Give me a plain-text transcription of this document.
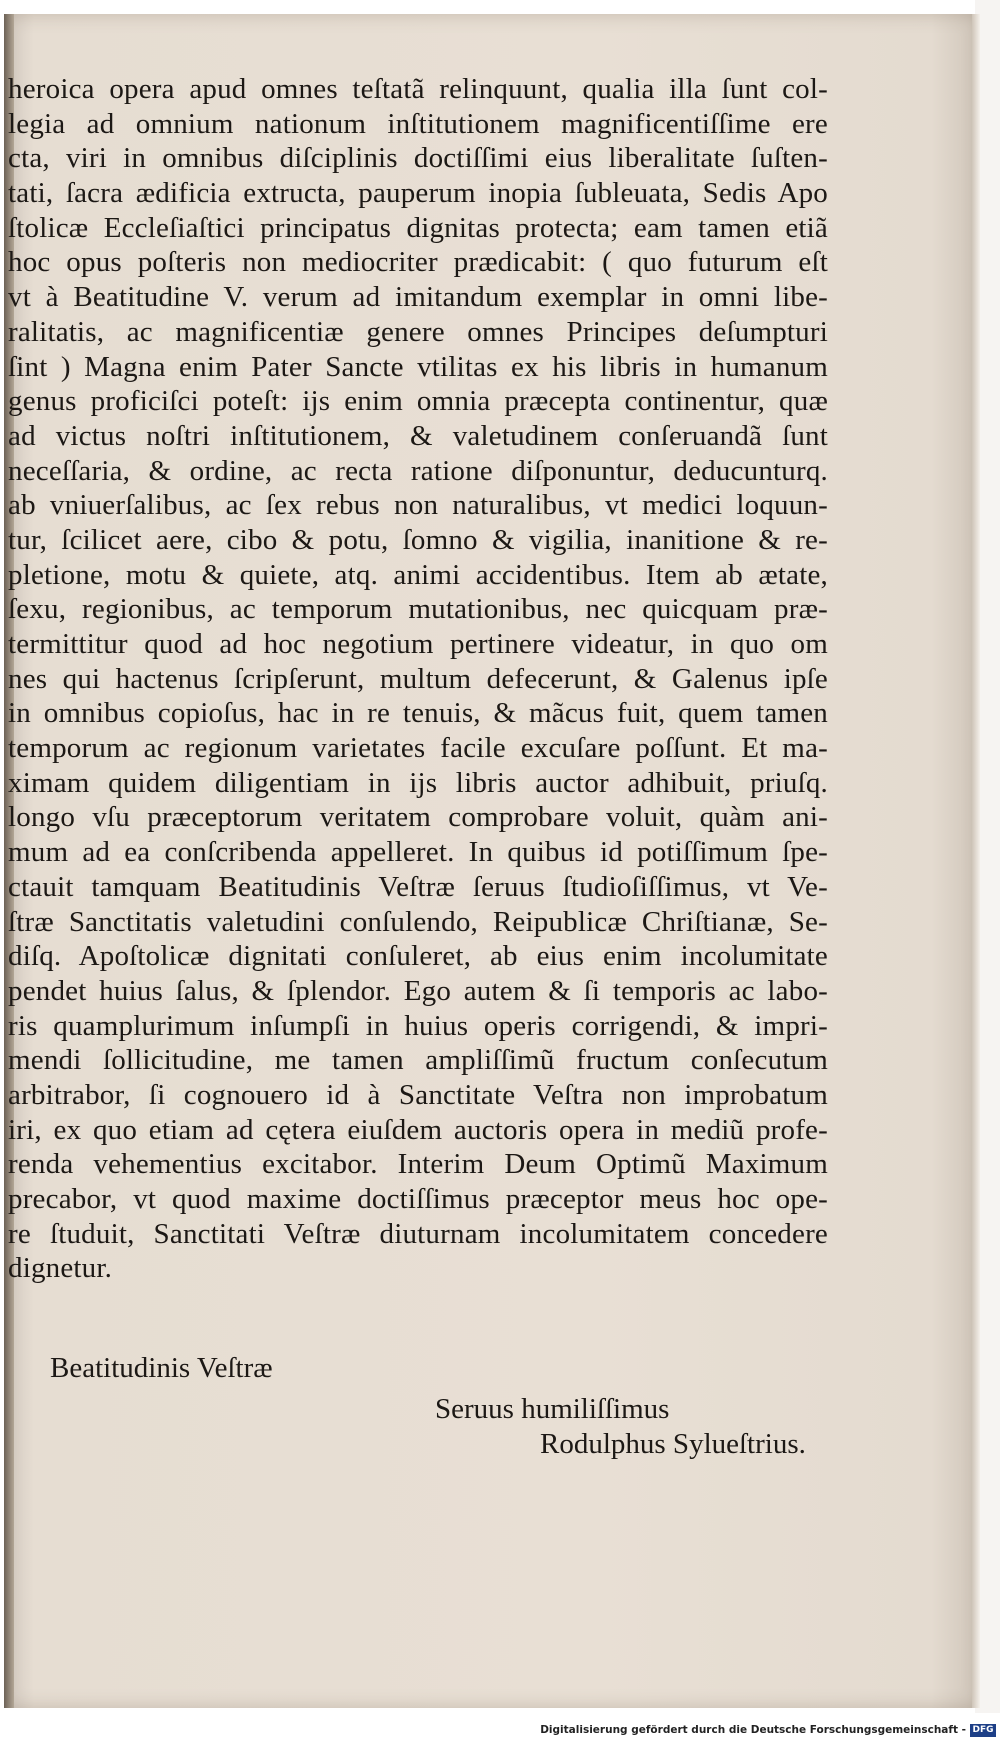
heroica opera apud omnes teſtatã relinquunt, qualia illa ſunt col-
legia ad omnium nationum inſtitutionem magnificentiſſime ere
cta, viri in omnibus diſciplinis doctiſſimi eius liberalitate ſuſten-
tati, ſacra ædificia extructa, pauperum inopia ſubleuata, Sedis Apo
ſtolicæ Eccleſiaſtici principatus dignitas protecta; eam tamen etiã
hoc opus poſteris non mediocriter prædicabit: ( quo futurum eſt
vt à Beatitudine V. verum ad imitandum exemplar in omni libe-
ralitatis, ac magnificentiæ genere omnes Principes deſumpturi
ſint ) Magna enim Pater Sancte vtilitas ex his libris in humanum
genus proficiſci poteſt: ijs enim omnia præcepta continentur, quæ
ad victus noſtri inſtitutionem, & valetudinem conſeruandã ſunt
neceſſaria, & ordine, ac recta ratione diſponuntur, deducunturq.
ab vniuerſalibus, ac ſex rebus non naturalibus, vt medici loquun-
tur, ſcilicet aere, cibo & potu, ſomno & vigilia, inanitione & re-
pletione, motu & quiete, atq. animi accidentibus. Item ab ætate,
ſexu, regionibus, ac temporum mutationibus, nec quicquam præ-
termittitur quod ad hoc negotium pertinere videatur, in quo om
nes qui hactenus ſcripſerunt, multum defecerunt, & Galenus ipſe
in omnibus copioſus, hac in re tenuis, & mãcus fuit, quem tamen
temporum ac regionum varietates facile excuſare poſſunt. Et ma-
ximam quidem diligentiam in ijs libris auctor adhibuit, priuſq.
longo vſu præceptorum veritatem comprobare voluit, quàm ani-
mum ad ea conſcribenda appelleret. In quibus id potiſſimum ſpe-
ctauit tamquam Beatitudinis Veſtræ ſeruus ſtudioſiſſimus, vt Ve-
ſtræ Sanctitatis valetudini conſulendo, Reipublicæ Chriſtianæ, Se-
diſq. Apoſtolicæ dignitati conſuleret, ab eius enim incolumitate
pendet huius ſalus, & ſplendor. Ego autem & ſi temporis ac labo-
ris quamplurimum inſumpſi in huius operis corrigendi, & impri-
mendi ſollicitudine, me tamen ampliſſimũ fructum conſecutum
arbitrabor, ſi cognouero id à Sanctitate Veſtra non improbatum
iri, ex quo etiam ad cętera eiuſdem auctoris opera in mediũ profe-
renda vehementius excitabor. Interim Deum Optimũ Maximum
precabor, vt quod maxime doctiſſimus præceptor meus hoc ope-
re ſtuduit, Sanctitati Veſtræ diuturnam incolumitatem concedere
dignetur.
Beatitudinis Veſtræ
Seruus humiliſſimus
Rodulphus Sylueſtrius.
Digitalisierung gefördert durch die Deutsche Forschungsgemeinschaft - DFG
